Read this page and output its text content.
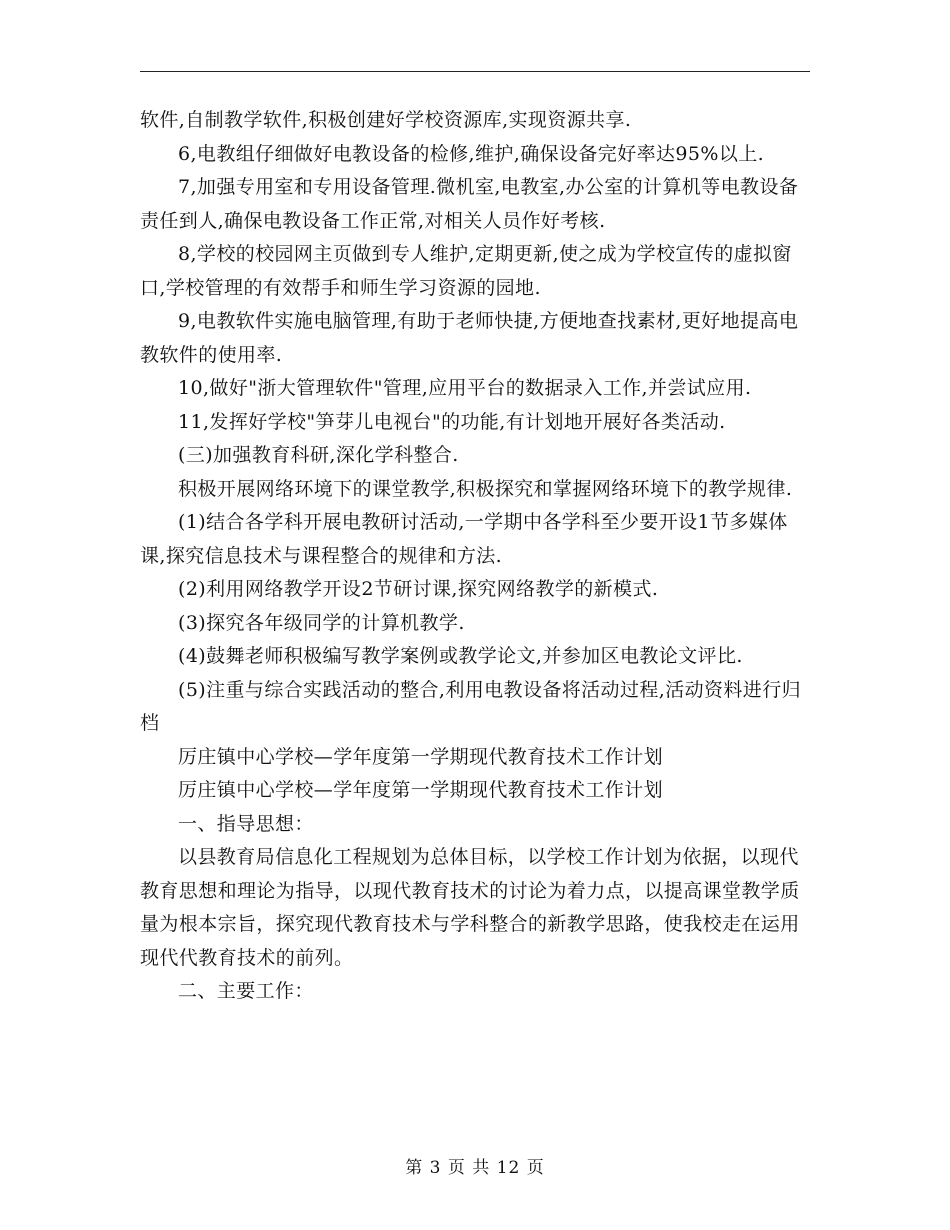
软件,自制教学软件,积极创建好学校资源库,实现资源共享.

6,电教组仔细做好电教设备的检修,维护,确保设备完好率达95%以上.

7,加强专用室和专用设备管理.微机室,电教室,办公室的计算机等电教设备责任到人,确保电教设备工作正常,对相关人员作好考核.

8,学校的校园网主页做到专人维护,定期更新,使之成为学校宣传的虚拟窗口,学校管理的有效帮手和师生学习资源的园地.

9,电教软件实施电脑管理,有助于老师快捷,方便地查找素材,更好地提高电教软件的使用率.

10,做好"浙大管理软件"管理,应用平台的数据录入工作,并尝试应用.

11,发挥好学校"笋芽儿电视台"的功能,有计划地开展好各类活动.

(三)加强教育科研,深化学科整合.

积极开展网络环境下的课堂教学,积极探究和掌握网络环境下的教学规律.

(1)结合各学科开展电教研讨活动,一学期中各学科至少要开设1节多媒体课,探究信息技术与课程整合的规律和方法.

(2)利用网络教学开设2节研讨课,探究网络教学的新模式.

(3)探究各年级同学的计算机教学.

(4)鼓舞老师积极编写教学案例或教学论文,并参加区电教论文评比.

(5)注重与综合实践活动的整合,利用电教设备将活动过程,活动资料进行归档

厉庄镇中心学校—学年度第一学期现代教育技术工作计划

厉庄镇中心学校—学年度第一学期现代教育技术工作计划

一、指导思想：

以县教育局信息化工程规划为总体目标，以学校工作计划为依据，以现代教育思想和理论为指导，以现代教育技术的讨论为着力点，以提高课堂教学质量为根本宗旨，探究现代教育技术与学科整合的新教学思路，使我校走在运用现代代教育技术的前列。

二、主要工作：

第 3 页 共 12 页
